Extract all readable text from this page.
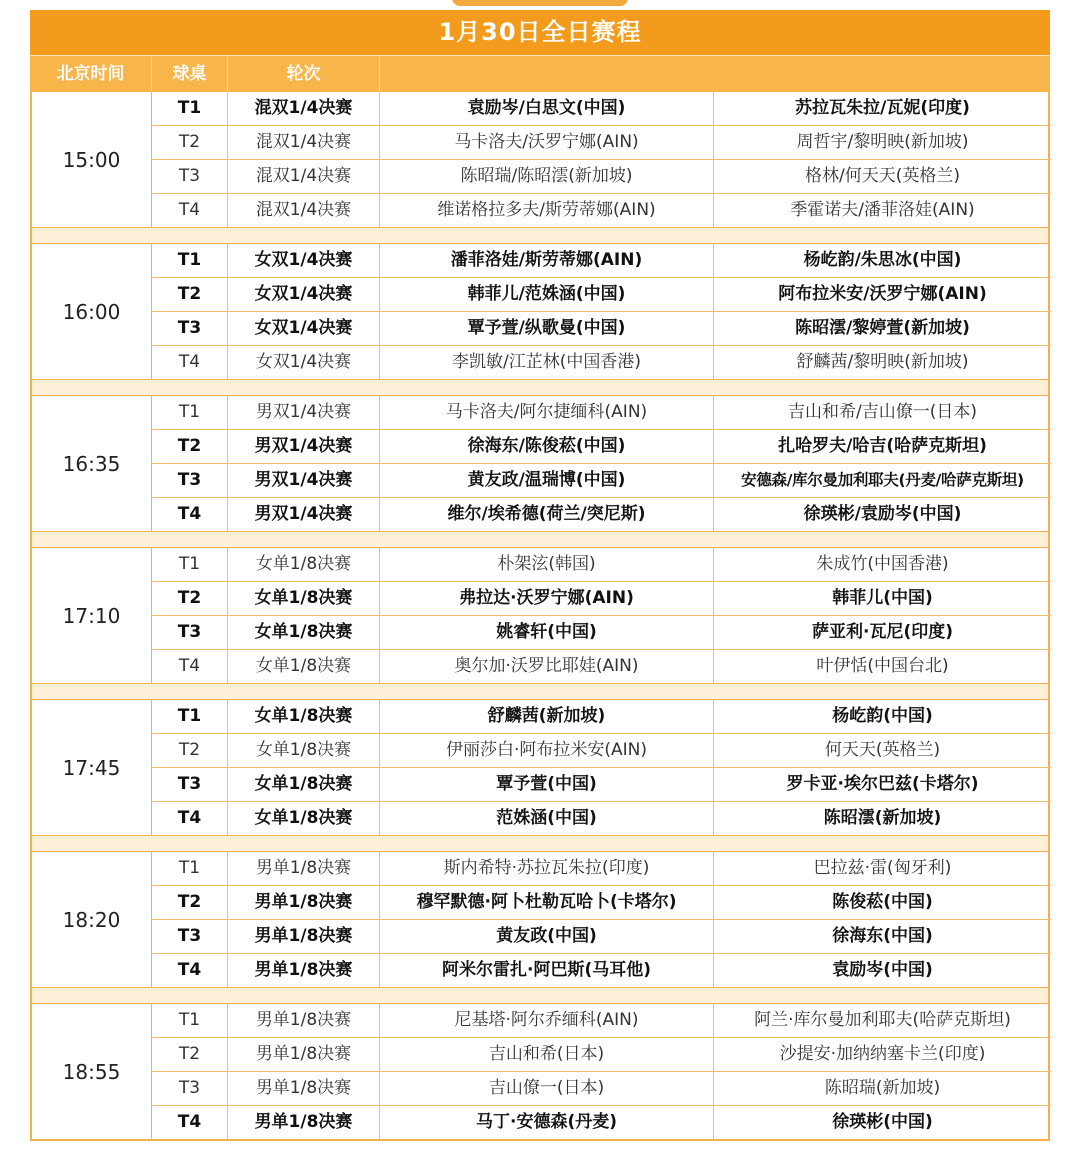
1月30日全日赛程
北京时间	球桌	轮次
15:00
T1	混双1/4决赛	袁励岑/白思文(中国)	苏拉瓦朱拉/瓦妮(印度)
T2	混双1/4决赛	马卡洛夫/沃罗宁娜(AIN)	周哲宇/黎明映(新加坡)
T3	混双1/4决赛	陈昭瑞/陈昭澐(新加坡)	格林/何天天(英格兰)
T4	混双1/4决赛	维诺格拉多夫/斯劳蒂娜(AIN)	季霍诺夫/潘菲洛娃(AIN)
16:00
T1	女双1/4决赛	潘菲洛娃/斯劳蒂娜(AIN)	杨屹韵/朱思冰(中国)
T2	女双1/4决赛	韩菲儿/范姝涵(中国)	阿布拉米安/沃罗宁娜(AIN)
T3	女双1/4决赛	覃予萱/纵歌曼(中国)	陈昭澐/黎婷萱(新加坡)
T4	女双1/4决赛	李凯敏/江芷林(中国香港)	舒麟茜/黎明映(新加坡)
16:35
T1	男双1/4决赛	马卡洛夫/阿尔捷缅科(AIN)	吉山和希/吉山僚一(日本)
T2	男双1/4决赛	徐海东/陈俊菘(中国)	扎哈罗夫/哈吉(哈萨克斯坦)
T3	男双1/4决赛	黄友政/温瑞博(中国)	安德森/库尔曼加利耶夫(丹麦/哈萨克斯坦)
T4	男双1/4决赛	维尔/埃希德(荷兰/突尼斯)	徐瑛彬/袁励岑(中国)
17:10
T1	女单1/8决赛	朴架泫(韩国)	朱成竹(中国香港)
T2	女单1/8决赛	弗拉达·沃罗宁娜(AIN)	韩菲儿(中国)
T3	女单1/8决赛	姚睿轩(中国)	萨亚利·瓦尼(印度)
T4	女单1/8决赛	奥尔加·沃罗比耶娃(AIN)	叶伊恬(中国台北)
17:45
T1	女单1/8决赛	舒麟茜(新加坡)	杨屹韵(中国)
T2	女单1/8决赛	伊丽莎白·阿布拉米安(AIN)	何天天(英格兰)
T3	女单1/8决赛	覃予萱(中国)	罗卡亚·埃尔巴兹(卡塔尔)
T4	女单1/8决赛	范姝涵(中国)	陈昭澐(新加坡)
18:20
T1	男单1/8决赛	斯内希特·苏拉瓦朱拉(印度)	巴拉兹·雷(匈牙利)
T2	男单1/8决赛	穆罕默德·阿卜杜勒瓦哈卜(卡塔尔)	陈俊菘(中国)
T3	男单1/8决赛	黄友政(中国)	徐海东(中国)
T4	男单1/8决赛	阿米尔雷扎·阿巴斯(马耳他)	袁励岑(中国)
18:55
T1	男单1/8决赛	尼基塔·阿尔乔缅科(AIN)	阿兰·库尔曼加利耶夫(哈萨克斯坦)
T2	男单1/8决赛	吉山和希(日本)	沙提安·加纳纳塞卡兰(印度)
T3	男单1/8决赛	吉山僚一(日本)	陈昭瑞(新加坡)
T4	男单1/8决赛	马丁·安德森(丹麦)	徐瑛彬(中国)
